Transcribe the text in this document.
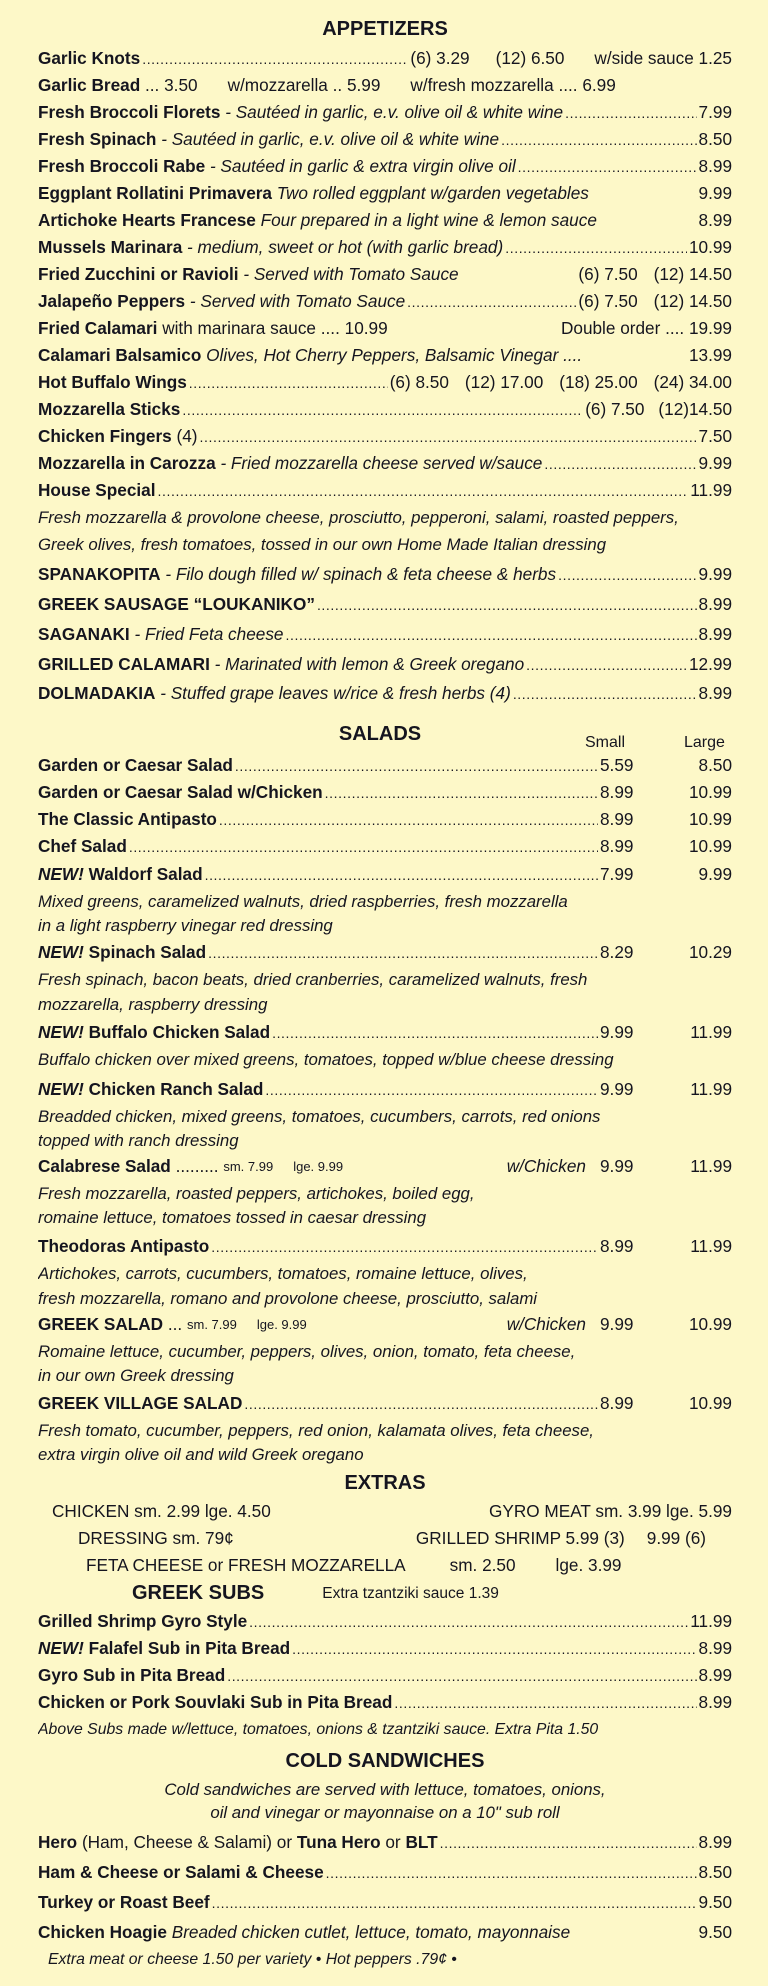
APPETIZERS
Garlic Knots .....	(6) 3.29 (12) 6.50 w/side sauce 1.25
Garlic Bread ... 3.50 w/mozzarella .. 5.99 w/fresh mozzarella .... 6.99
Fresh Broccoli Florets
- Sautéed in garlic, e.v. olive oil & white wine .....	7.99
Fresh Spinach
- Sautéed in garlic, e.v. olive oil & white wine .....	8.50
Fresh Broccoli Rabe
- Sautéed in garlic & extra virgin olive oil .....	8.99
Eggplant Rollatini Primavera
Two rolled eggplant w/garden vegetables	9.99
Artichoke Hearts Francese
Four prepared in a light wine & lemon sauce	8.99
Mussels Marinara
- medium, sweet or hot (with garlic bread) .....	10.99
Fried Zucchini or Ravioli
- Served with Tomato Sauce	(6) 7.50 (12) 14.50
Jalapeño Peppers
- Served with Tomato Sauce .....	(6) 7.50 (12) 14.50
Fried Calamari
with marinara sauce .... 10.99	Double order .... 19.99
Calamari Balsamico
Olives, Hot Cherry Peppers, Balsamic Vinegar ....	13.99
Hot Buffalo Wings .....	(6) 8.50 (12) 17.00 (18) 25.00 (24) 34.00
Mozzarella Sticks .....	(6) 7.50 (12)14.50
Chicken Fingers
(4) .....	7.50
Mozzarella in Carozza
- Fried mozzarella cheese served w/sauce .....	9.99
House Special .....	11.99
Fresh mozzarella & provolone cheese, prosciutto, pepperoni, salami, roasted peppers,
Greek olives, fresh tomatoes, tossed in our own Home Made Italian dressing
SPANAKOPITA
- Filo dough filled w/ spinach & feta cheese & herbs .....	9.99
GREEK SAUSAGE “LOUKANIKO” .....	8.99
SAGANAKI
- Fried Feta cheese .....	8.99
GRILLED CALAMARI
- Marinated with lemon & Greek oregano .....	12.99
DOLMADAKIA
- Stuffed grape leaves w/rice & fresh herbs (4) .....	8.99
SALADS	Small	Large
Garden or Caesar Salad .....	5.59	8.50
Garden or Caesar Salad w/Chicken .....	8.99	10.99
The Classic Antipasto .....	8.99	10.99
Chef Salad .....	8.99	10.99
NEW!
Waldorf Salad .....	7.99	9.99
Mixed greens, caramelized walnuts, dried raspberries, fresh mozzarella
in a light raspberry vinegar red dressing
NEW!
Spinach Salad .....	8.29	10.29
Fresh spinach, bacon beats, dried cranberries, caramelized walnuts, fresh
mozzarella, raspberry dressing
NEW!
Buffalo Chicken Salad .....	9.99	11.99
Buffalo chicken over mixed greens, tomatoes, topped w/blue cheese dressing
NEW!
Chicken Ranch Salad .....	9.99	11.99
Breadded chicken, mixed greens, tomatoes, cucumbers, carrots, red onions
topped with ranch dressing
Calabrese Salad ......... sm. 7.99 lge. 9.99	w/Chicken 9.99	11.99
Fresh mozzarella, roasted peppers, artichokes, boiled egg,
romaine lettuce, tomatoes tossed in caesar dressing
Theodoras Antipasto .....	8.99	11.99
Artichokes, carrots, cucumbers, tomatoes, romaine lettuce, olives,
fresh mozzarella, romano and provolone cheese, prosciutto, salami
GREEK SALAD ... sm. 7.99 lge. 9.99	w/Chicken 9.99	10.99
Romaine lettuce, cucumber, peppers, olives, onion, tomato, feta cheese,
in our own Greek dressing
GREEK VILLAGE SALAD .....	8.99	10.99
Fresh tomato, cucumber, peppers, red onion, kalamata olives, feta cheese,
extra virgin olive oil and wild Greek oregano
EXTRAS
CHICKEN sm. 2.99 lge. 4.50	GYRO MEAT sm. 3.99 lge. 5.99
DRESSING sm. 79¢	GRILLED SHRIMP 5.99 (3) 9.99 (6)
FETA CHEESE or FRESH MOZZARELLA	sm. 2.50 lge. 3.99
GREEK SUBS	Extra tzantziki sauce 1.39
Grilled Shrimp Gyro Style .....	11.99
NEW!
Falafel Sub in Pita Bread .....	8.99
Gyro Sub in Pita Bread .....	8.99
Chicken or Pork Souvlaki Sub in Pita Bread .....	8.99
Above Subs made w/lettuce, tomatoes, onions & tzantziki sauce. Extra Pita 1.50
COLD SANDWICHES
Cold sandwiches are served with lettuce, tomatoes, onions,
oil and vinegar or mayonnaise on a 10" sub roll
Hero
(Ham, Cheese & Salami) or
Tuna Hero
or
BLT .....	8.99
Ham & Cheese or Salami & Cheese .....	8.50
Turkey or Roast Beef .....	9.50
Chicken Hoagie
Breaded chicken cutlet, lettuce, tomato, mayonnaise	9.50
Extra meat or cheese 1.50 per variety • Hot peppers .79¢ •
